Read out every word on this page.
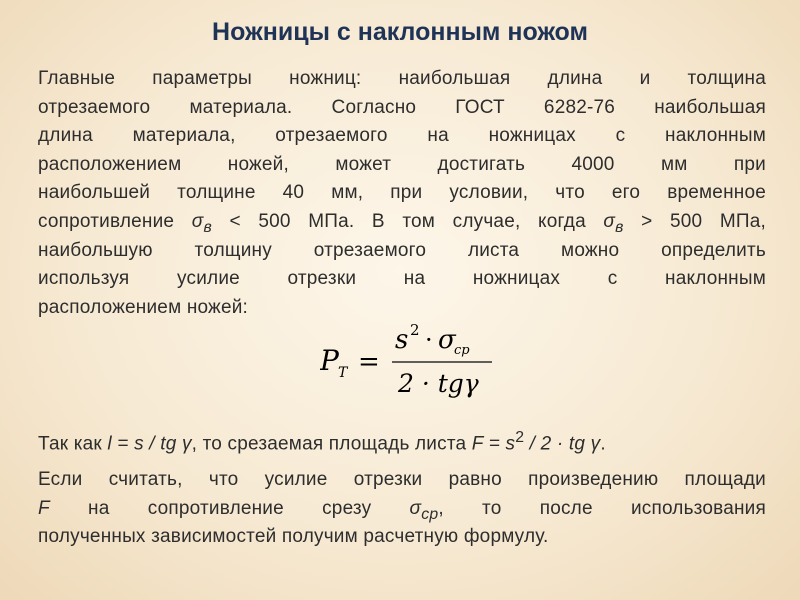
Ножницы с наклонным ножом
Главные параметры ножниц: наибольшая длина и толщина
отрезаемого материала. Согласно ГОСТ 6282-76 наибольшая
длина материала, отрезаемого на ножницах с наклонным
расположением ножей, может достигать 4000 мм при
наибольшей толщине 40 мм, при условии, что его временное
сопротивление $\sigma_в < 500$ МПа. В том случае, когда $\sigma_в > 500$ МПа,
наибольшую толщину отрезаемого листа можно определить
используя усилие отрезки на ножницах с наклонным
расположением ножей:
P T =
s 2 · σ
ср
2 · tgγ
Так как l = s / tg γ, то срезаемая площадь листа $F = s^2 / 2$ · tg γ.
Если считать, что усилие отрезки равно произведению площади
F на сопротивление срезу $\sigma_{ср}$, то после использования
полученных зависимостей получим расчетную формулу.
